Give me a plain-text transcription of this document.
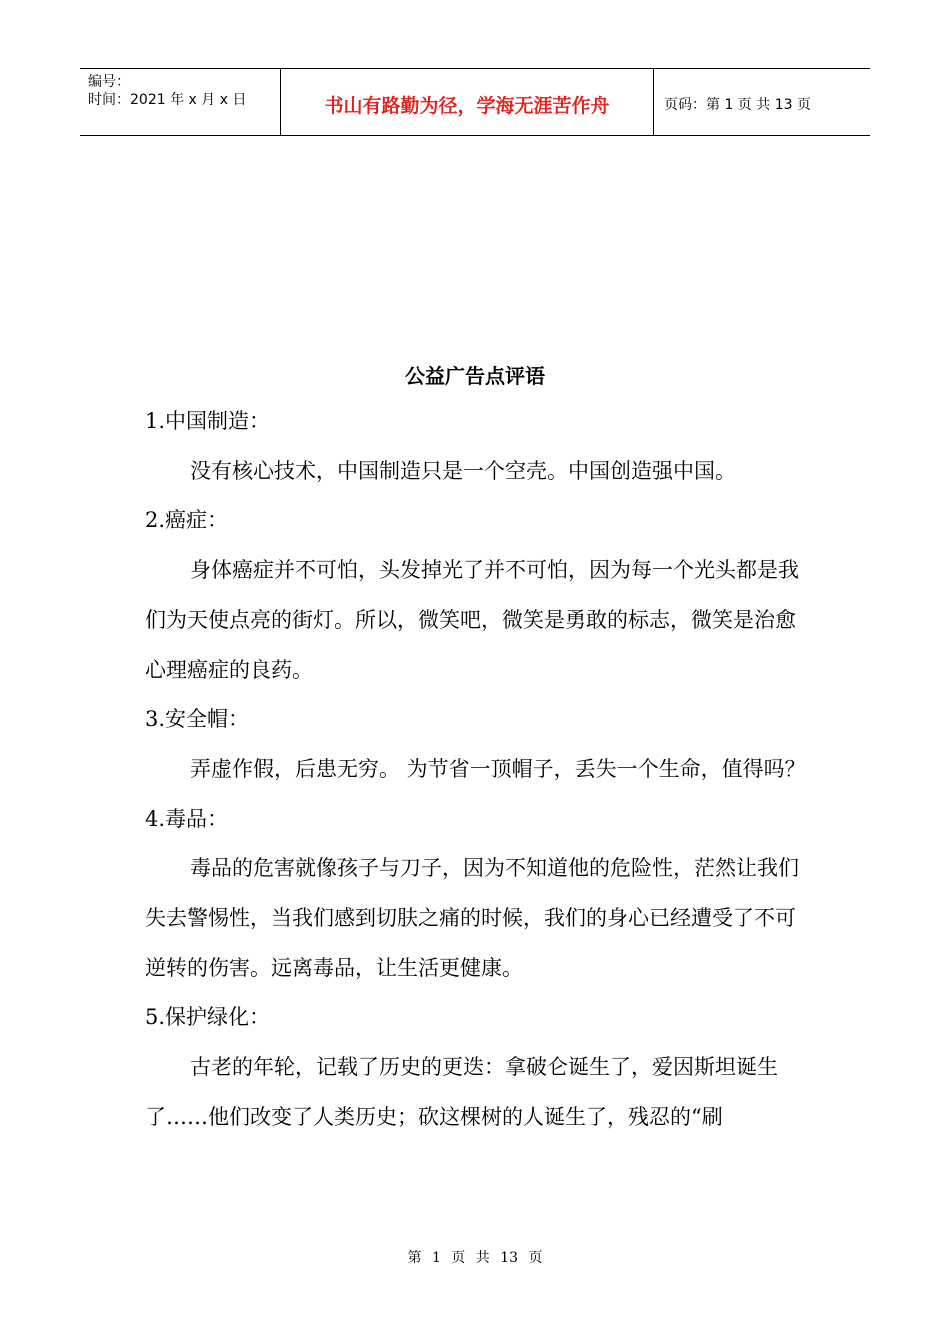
编号：
时间：2021 年 x 月 x 日	书山有路勤为径，学海无涯苦作舟	页码：第 1 页 共 13 页
公益广告点评语

1.中国制造：

没有核心技术，中国制造只是一个空壳。中国创造强中国。

2.癌症：

身体癌症并不可怕，头发掉光了并不可怕，因为每一个光头都是我们为天使点亮的街灯。所以，微笑吧，微笑是勇敢的标志，微笑是治愈心理癌症的良药。

3.安全帽：

弄虚作假，后患无穷。 为节省一顶帽子，丢失一个生命，值得吗？

4.毒品：

毒品的危害就像孩子与刀子，因为不知道他的危险性，茫然让我们失去警惕性，当我们感到切肤之痛的时候，我们的身心已经遭受了不可逆转的伤害。远离毒品，让生活更健康。

5.保护绿化：

古老的年轮，记载了历史的更迭：拿破仑诞生了，爱因斯坦诞生了……他们改变了人类历史；砍这棵树的人诞生了，残忍的“刷

第 1 页 共 13 页
